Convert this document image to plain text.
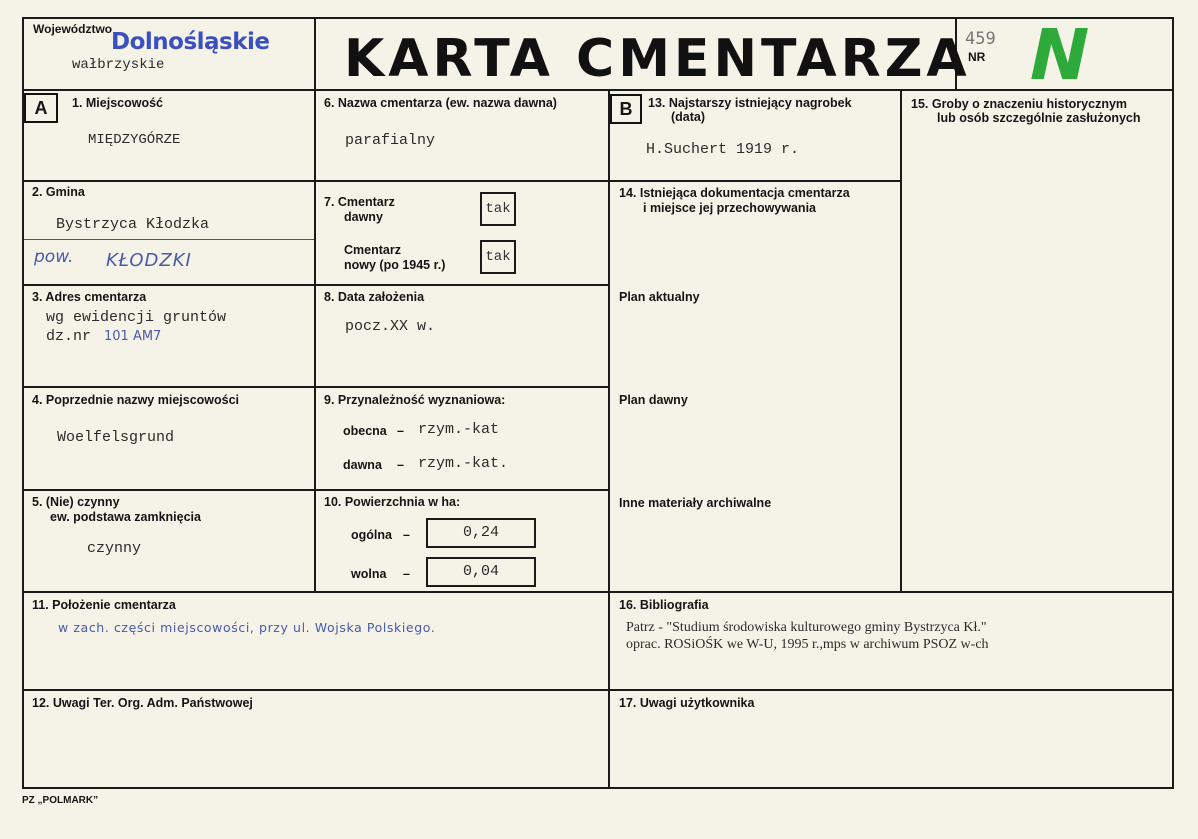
Województwo
Dolnośląskie
wałbrzyskie	KARTA CMENTARZA
459
NR N
A	1. Miejscowość
MIĘDZYGÓRZE
2. Gmina
Bystrzyca Kłodzka
pow. KŁODZKI
3. Adres cmentarza
wg ewidencji gruntów
dz.nr 101 AM7
4. Poprzednie nazwy miejscowości
Woelfelsgrund
5. (Nie) czynny
ew. podstawa zamknięcia
czynny
6. Nazwa cmentarza (ew. nazwa dawna)
parafialny
7. Cmentarz
dawny	tak
Cmentarz
nowy (po 1945 r.)	tak
8. Data założenia
pocz.XX w.
9. Przynależność wyznaniowa:
obecna – rzym.-kat
dawna – rzym.-kat.
10. Powierzchnia w ha:
ogólna –	0,24
wolna –	0,04
B	13. Najstarszy istniejący nagrobek
(data)
H.Suchert 1919 r.
14. Istniejąca dokumentacja cmentarza
i miejsce jej przechowywania
Plan aktualny
Plan dawny
Inne materiały archiwalne
15. Groby o znaczeniu historycznym
lub osób szczególnie zasłużonych
11. Położenie cmentarza
w zach. części miejscowości, przy ul. Wojska Polskiego.
16. Bibliografia
Patrz - "Studium środowiska kulturowego gminy Bystrzyca Kł."
oprac. ROSiOŚK we W-U, 1995 r.,mps w archiwum PSOZ w-ch
12. Uwagi Ter. Org. Adm. Państwowej	17. Uwagi użytkownika
PZ „POLMARK”
